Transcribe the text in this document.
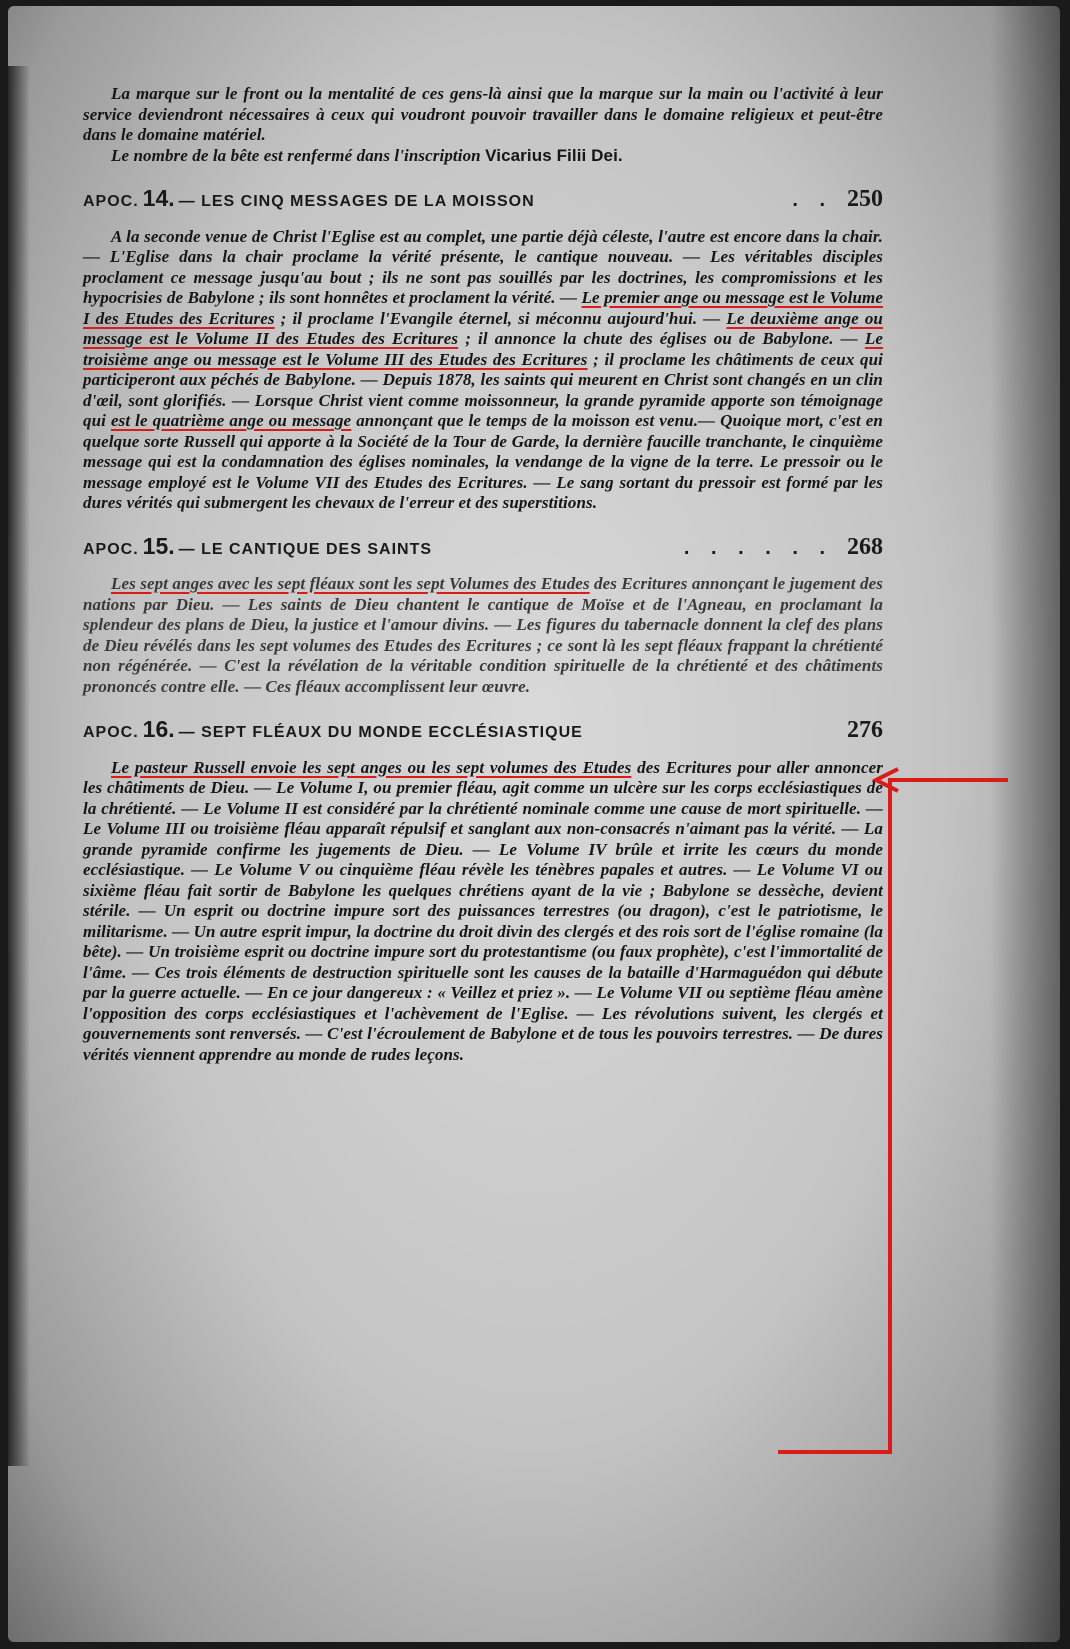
La marque sur le front ou la mentalité de ces gens-là ainsi que la marque sur la main ou l'activité à leur service deviendront nécessaires à ceux qui voudront pouvoir travailler dans le domaine religieux et peut-être dans le domaine matériel.

Le nombre de la bête est renfermé dans l'inscription Vicarius Filii Dei.

APOC. 14. — LES CINQ MESSAGES DE LA MOISSON	. . 250

A la seconde venue de Christ l'Eglise est au complet, une partie déjà céleste, l'autre est encore dans la chair.— L'Eglise dans la chair proclame la vérité présente, le cantique nouveau. — Les véritables disciples proclament ce message jusqu'au bout ; ils ne sont pas souillés par les doctrines, les compromissions et les hypocrisies de Babylone ; ils sont honnêtes et proclament la vérité. — Le premier ange ou message est le Volume I des Etudes des Ecritures ; il proclame l'Evangile éternel, si méconnu aujourd'hui. — Le deuxième ange ou message est le Volume II des Etudes des Ecritures ; il annonce la chute des églises ou de Babylone. — Le troisième ange ou message est le Volume III des Etudes des Ecritures ; il proclame les châtiments de ceux qui participeront aux péchés de Babylone. — Depuis 1878, les saints qui meurent en Christ sont changés en un clin d'œil, sont glorifiés. — Lorsque Christ vient comme moissonneur, la grande pyramide apporte son témoignage qui est le quatrième ange ou message annonçant que le temps de la moisson est venu.— Quoique mort, c'est en quelque sorte Russell qui apporte à la Société de la Tour de Garde, la dernière faucille tranchante, le cinquième message qui est la condamnation des églises nominales, la vendange de la vigne de la terre. Le pressoir ou le message employé est le Volume VII des Etudes des Ecritures. — Le sang sortant du pressoir est formé par les dures vérités qui submergent les chevaux de l'erreur et des superstitions.

APOC. 15. — LE CANTIQUE DES SAINTS	. . . . . . 268

Les sept anges avec les sept fléaux sont les sept Volumes des Etudes des Ecritures annonçant le jugement des nations par Dieu. — Les saints de Dieu chantent le cantique de Moïse et de l'Agneau, en proclamant la splendeur des plans de Dieu, la justice et l'amour divins. — Les figures du tabernacle donnent la clef des plans de Dieu révélés dans les sept volumes des Etudes des Ecritures ; ce sont là les sept fléaux frappant la chrétienté non régénérée. — C'est la révélation de la véritable condition spirituelle de la chrétienté et des châtiments prononcés contre elle. — Ces fléaux accomplissent leur œuvre.

APOC. 16. — SEPT FLÉAUX DU MONDE ECCLÉSIASTIQUE	276

Le pasteur Russell envoie les sept anges ou les sept volumes des Etudes des Ecritures pour aller annoncer les châtiments de Dieu. — Le Volume I, ou premier fléau, agit comme un ulcère sur les corps ecclésiastiques de la chrétienté. — Le Volume II est considéré par la chrétienté nominale comme une cause de mort spirituelle. — Le Volume III ou troisième fléau apparaît répulsif et sanglant aux non-consacrés n'aimant pas la vérité. — La grande pyramide confirme les jugements de Dieu. — Le Volume IV brûle et irrite les cœurs du monde ecclésiastique. — Le Volume V ou cinquième fléau révèle les ténèbres papales et autres. — Le Volume VI ou sixième fléau fait sortir de Babylone les quelques chrétiens ayant de la vie ; Babylone se dessèche, devient stérile. — Un esprit ou doctrine impure sort des puissances terrestres (ou dragon), c'est le patriotisme, le militarisme. — Un autre esprit impur, la doctrine du droit divin des clergés et des rois sort de l'église romaine (la bête). — Un troisième esprit ou doctrine impure sort du protestantisme (ou faux prophète), c'est l'immortalité de l'âme. — Ces trois éléments de destruction spirituelle sont les causes de la bataille d'Harmaguédon qui débute par la guerre actuelle. — En ce jour dangereux : « Veillez et priez ». — Le Volume VII ou septième fléau amène l'opposition des corps ecclésiastiques et l'achèvement de l'Eglise. — Les révolutions suivent, les clergés et gouvernements sont renversés. — C'est l'écroulement de Babylone et de tous les pouvoirs terrestres. — De dures vérités viennent apprendre au monde de rudes leçons.
